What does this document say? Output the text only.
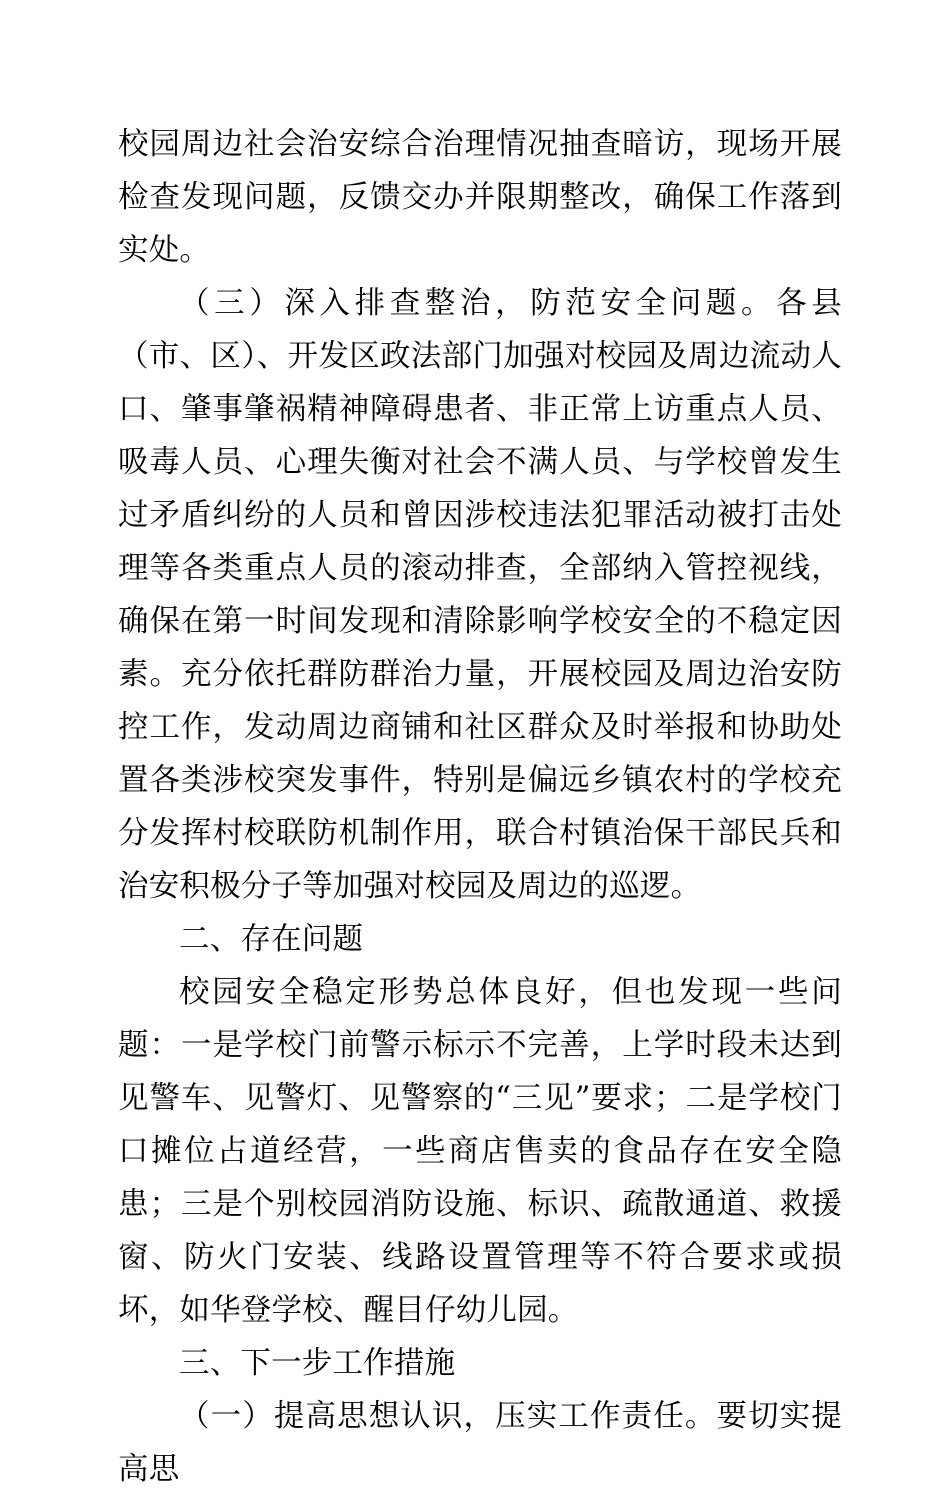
校园周边社会治安综合治理情况抽查暗访，现场开展检查发现问题，反馈交办并限期整改，确保工作落到实处。

（三）深入排查整治，防范安全问题。各县（市、区）、开发区政法部门加强对校园及周边流动人口、肇事肇祸精神障碍患者、非正常上访重点人员、吸毒人员、心理失衡对社会不满人员、与学校曾发生过矛盾纠纷的人员和曾因涉校违法犯罪活动被打击处理等各类重点人员的滚动排查，全部纳入管控视线，确保在第一时间发现和清除影响学校安全的不稳定因素。充分依托群防群治力量，开展校园及周边治安防控工作，发动周边商铺和社区群众及时举报和协助处置各类涉校突发事件，特别是偏远乡镇农村的学校充分发挥村校联防机制作用，联合村镇治保干部民兵和治安积极分子等加强对校园及周边的巡逻。

二、存在问题

校园安全稳定形势总体良好，但也发现一些问题：一是学校门前警示标示不完善，上学时段未达到见警车、见警灯、见警察的“三见”要求；二是学校门口摊位占道经营，一些商店售卖的食品存在安全隐患；三是个别校园消防设施、标识、疏散通道、救援窗、防火门安装、线路设置管理等不符合要求或损坏，如华登学校、醒目仔幼儿园。

三、下一步工作措施

（一）提高思想认识，压实工作责任。要切实提高思
